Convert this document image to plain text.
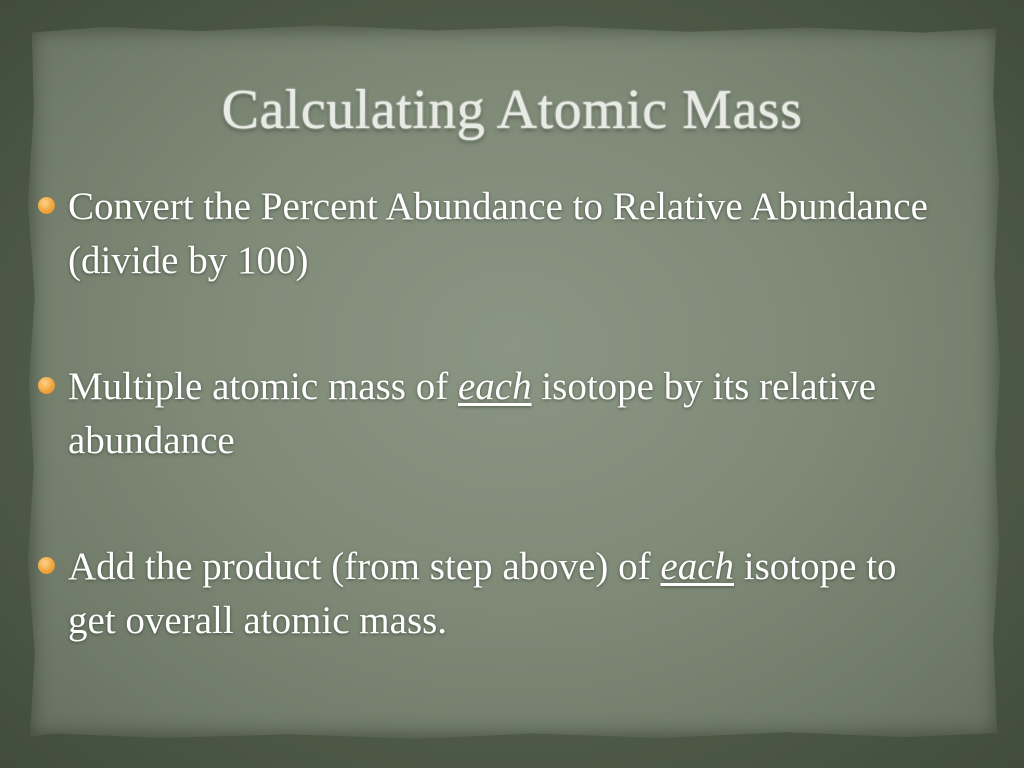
Calculating Atomic Mass
Convert the Percent Abundance to Relative Abundance (divide by 100)
Multiple atomic mass of each isotope by its relative abundance
Add the product (from step above) of each isotope to get overall atomic mass.
